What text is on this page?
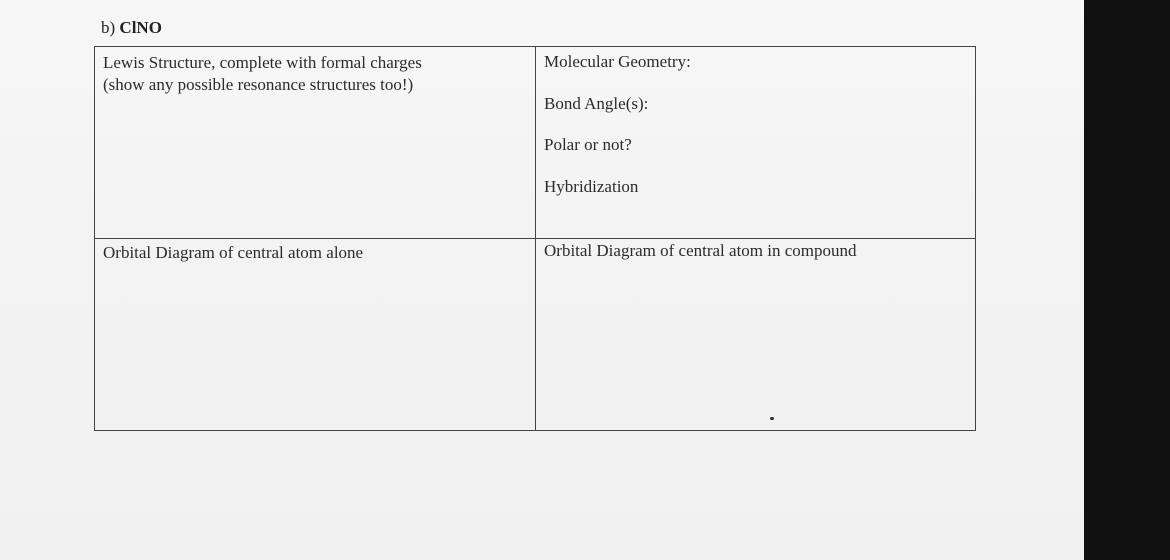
b) ClNO
Lewis Structure, complete with formal charges
(show any possible resonance structures too!)
Molecular Geometry:
Bond Angle(s):
Polar or not?
Hybridization
Orbital Diagram of central atom alone	Orbital Diagram of central atom in compound
